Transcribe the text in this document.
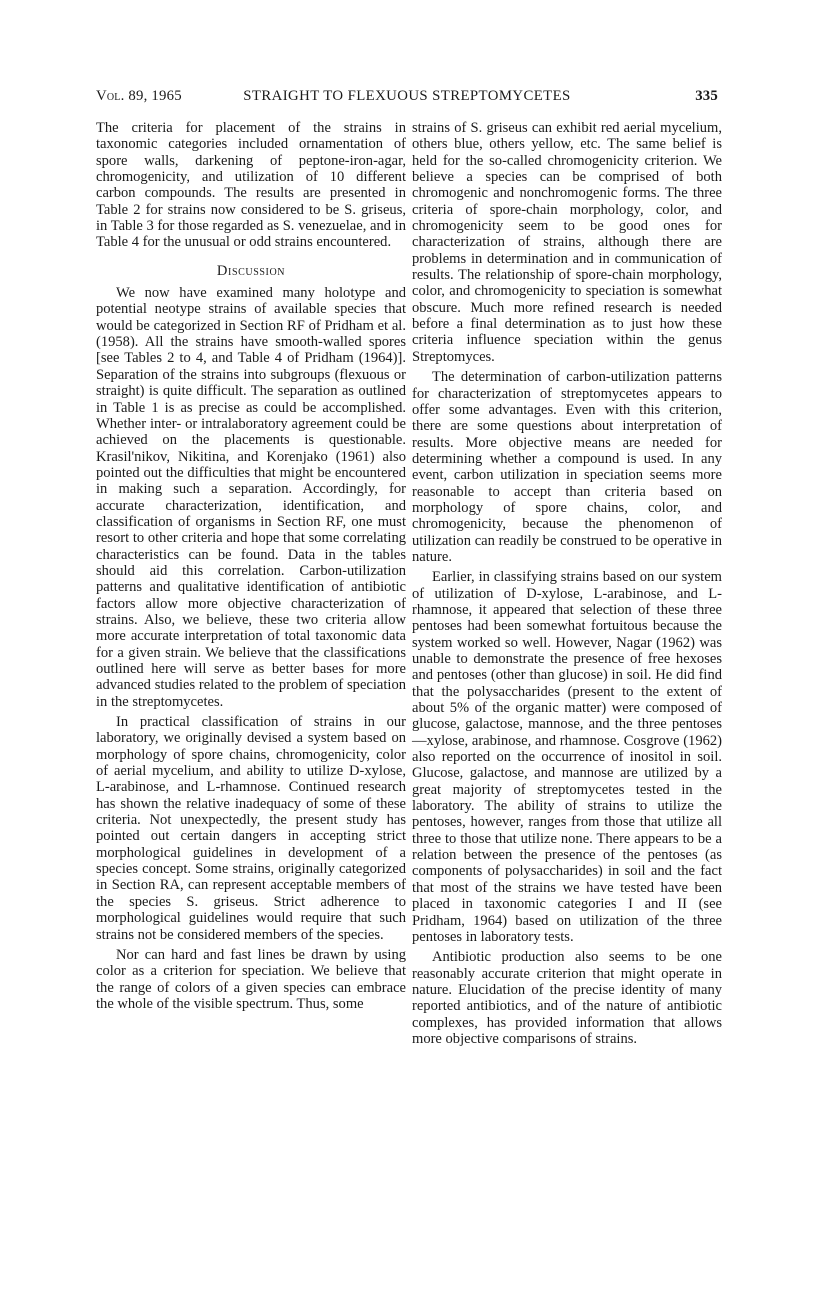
Vol. 89, 1965	STRAIGHT TO FLEXUOUS STREPTOMYCETES	335

The criteria for placement of the strains in taxonomic categories included ornamentation of spore walls, darkening of peptone-iron-agar, chromogenicity, and utilization of 10 different carbon compounds. The results are presented in Table 2 for strains now considered to be S. griseus, in Table 3 for those regarded as S. venezuelae, and in Table 4 for the unusual or odd strains encountered.

Discussion

We now have examined many holotype and potential neotype strains of available species that would be categorized in Section RF of Pridham et al. (1958). All the strains have smooth-walled spores [see Tables 2 to 4, and Table 4 of Pridham (1964)]. Separation of the strains into subgroups (flexuous or straight) is quite difficult. The separation as outlined in Table 1 is as precise as could be accomplished. Whether inter- or intralaboratory agreement could be achieved on the placements is questionable. Krasil'nikov, Nikitina, and Korenjako (1961) also pointed out the difficulties that might be encountered in making such a separation. Accordingly, for accurate characterization, identification, and classification of organisms in Section RF, one must resort to other criteria and hope that some correlating characteristics can be found. Data in the tables should aid this correlation. Carbon-utilization patterns and qualitative identification of antibiotic factors allow more objective characterization of strains. Also, we believe, these two criteria allow more accurate interpretation of total taxonomic data for a given strain. We believe that the classifications outlined here will serve as better bases for more advanced studies related to the problem of speciation in the streptomycetes.

In practical classification of strains in our laboratory, we originally devised a system based on morphology of spore chains, chromogenicity, color of aerial mycelium, and ability to utilize D-xylose, L-arabinose, and L-rhamnose. Continued research has shown the relative inadequacy of some of these criteria. Not unexpectedly, the present study has pointed out certain dangers in accepting strict morphological guidelines in development of a species concept. Some strains, originally categorized in Section RA, can represent acceptable members of the species S. griseus. Strict adherence to morphological guidelines would require that such strains not be considered members of the species.

Nor can hard and fast lines be drawn by using color as a criterion for speciation. We believe that the range of colors of a given species can embrace the whole of the visible spectrum. Thus, some

strains of S. griseus can exhibit red aerial mycelium, others blue, others yellow, etc. The same belief is held for the so-called chromogenicity criterion. We believe a species can be comprised of both chromogenic and nonchromogenic forms. The three criteria of spore-chain morphology, color, and chromogenicity seem to be good ones for characterization of strains, although there are problems in determination and in communication of results. The relationship of spore-chain morphology, color, and chromogenicity to speciation is somewhat obscure. Much more refined research is needed before a final determination as to just how these criteria influence speciation within the genus Streptomyces.

The determination of carbon-utilization patterns for characterization of streptomycetes appears to offer some advantages. Even with this criterion, there are some questions about interpretation of results. More objective means are needed for determining whether a compound is used. In any event, carbon utilization in speciation seems more reasonable to accept than criteria based on morphology of spore chains, color, and chromogenicity, because the phenomenon of utilization can readily be construed to be operative in nature.

Earlier, in classifying strains based on our system of utilization of D-xylose, L-arabinose, and L-rhamnose, it appeared that selection of these three pentoses had been somewhat fortuitous because the system worked so well. However, Nagar (1962) was unable to demonstrate the presence of free hexoses and pentoses (other than glucose) in soil. He did find that the polysaccharides (present to the extent of about 5% of the organic matter) were composed of glucose, galactose, mannose, and the three pentoses—xylose, arabinose, and rhamnose. Cosgrove (1962) also reported on the occurrence of inositol in soil. Glucose, galactose, and mannose are utilized by a great majority of streptomycetes tested in the laboratory. The ability of strains to utilize the pentoses, however, ranges from those that utilize all three to those that utilize none. There appears to be a relation between the presence of the pentoses (as components of polysaccharides) in soil and the fact that most of the strains we have tested have been placed in taxonomic categories I and II (see Pridham, 1964) based on utilization of the three pentoses in laboratory tests.

Antibiotic production also seems to be one reasonably accurate criterion that might operate in nature. Elucidation of the precise identity of many reported antibiotics, and of the nature of antibiotic complexes, has provided information that allows more objective comparisons of strains.
